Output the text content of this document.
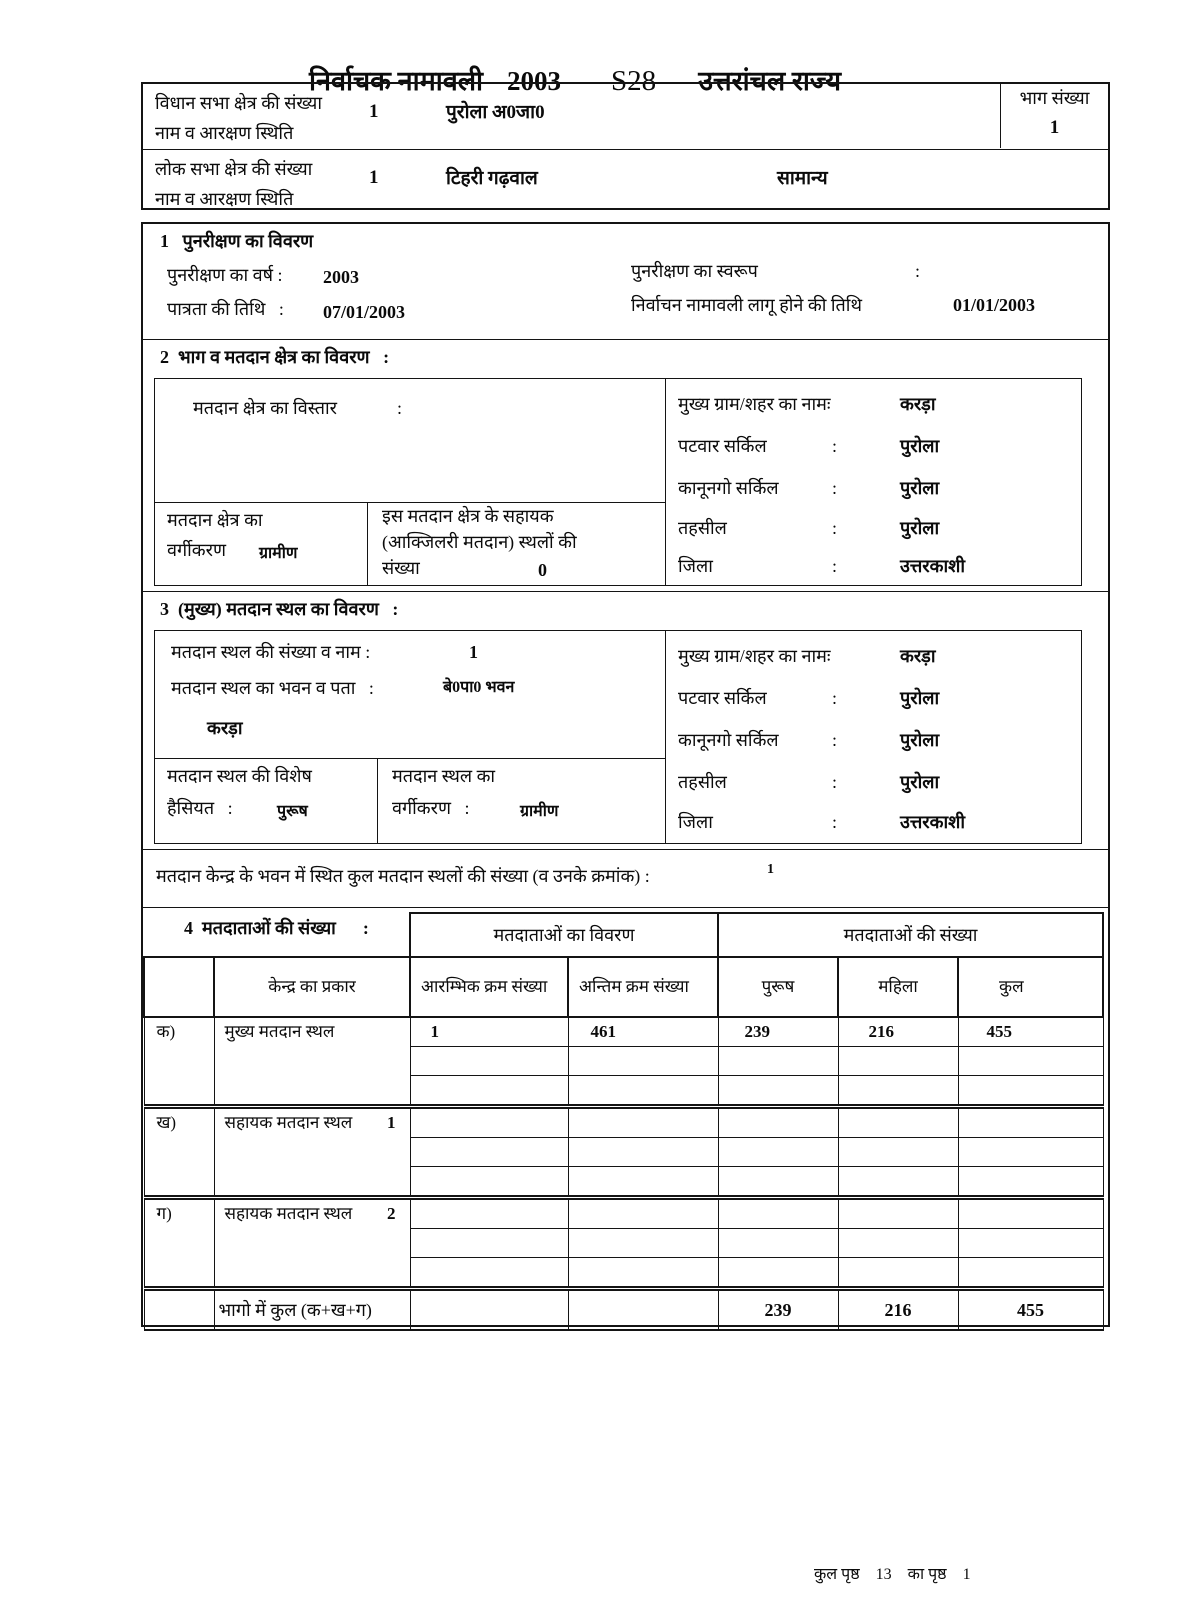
निर्वाचक नामावली 2003 S28 उत्तरांचल राज्य

विधान सभा क्षेत्र की संख्या
नाम व आरक्षण स्थिति
1	पुरोला अ0जा0
भाग संख्या
1
लोक सभा क्षेत्र की संख्या
नाम व आरक्षण स्थिति
1	टिहरी गढ़वाल	सामान्य
1   पुनरीक्षण का विवरण
पुनरीक्षण का वर्ष : 2003
पात्रता की तिथि   : 07/01/2003
पुनरीक्षण का स्वरूप	:
निर्वाचन नामावली लागू होने की तिथि	01/01/2003
2  भाग व मतदान क्षेत्र का विवरण   :
मतदान क्षेत्र का विस्तार	:
मतदान क्षेत्र का
वर्गीकरण ग्रामीण
इस मतदान क्षेत्र के सहायक
(आक्जिलरी मतदान) स्थलों की
संख्या	0
मुख्य ग्राम/शहर का नामः	करड़ा
पटवार सर्किल	:	पुरोला
कानूनगो सर्किल	:	पुरोला
तहसील	:	पुरोला
जिला	:	उत्तरकाशी
3  (मुख्य) मतदान स्थल का विवरण   :
मतदान स्थल की संख्या व नाम :	1
मतदान स्थल का भवन व पता   :	बे0पा0 भवन
करड़ा
मतदान स्थल की विशेष
हैसियत   :	पुरूष
मतदान स्थल का
वर्गीकरण   :	ग्रामीण
मुख्य ग्राम/शहर का नामः	करड़ा
पटवार सर्किल	:	पुरोला
कानूनगो सर्किल	:	पुरोला
तहसील	:	पुरोला
जिला	:	उत्तरकाशी
मतदान केन्द्र के भवन में स्थित कुल मतदान स्थलों की संख्या (व उनके क्रमांक) :	1
4  मतदाताओं की संख्या      :		मतदाताओं का विवरण		मतदाताओं की संख्या		
	केन्द्र का प्रकार	आरम्भिक क्रम संख्या	अन्तिम क्रम संख्या	पुरूष	महिला	कुल
क)	मुख्य मतदान स्थल	1	461	239	216	455

ख)	सहायक मतदान स्थल 1					

ग)	सहायक मतदान स्थल 2					

	भागो में कुल (क+ख+ग)			239	216	455

कुल पृष्ठ 13 का पृष्ठ 1
